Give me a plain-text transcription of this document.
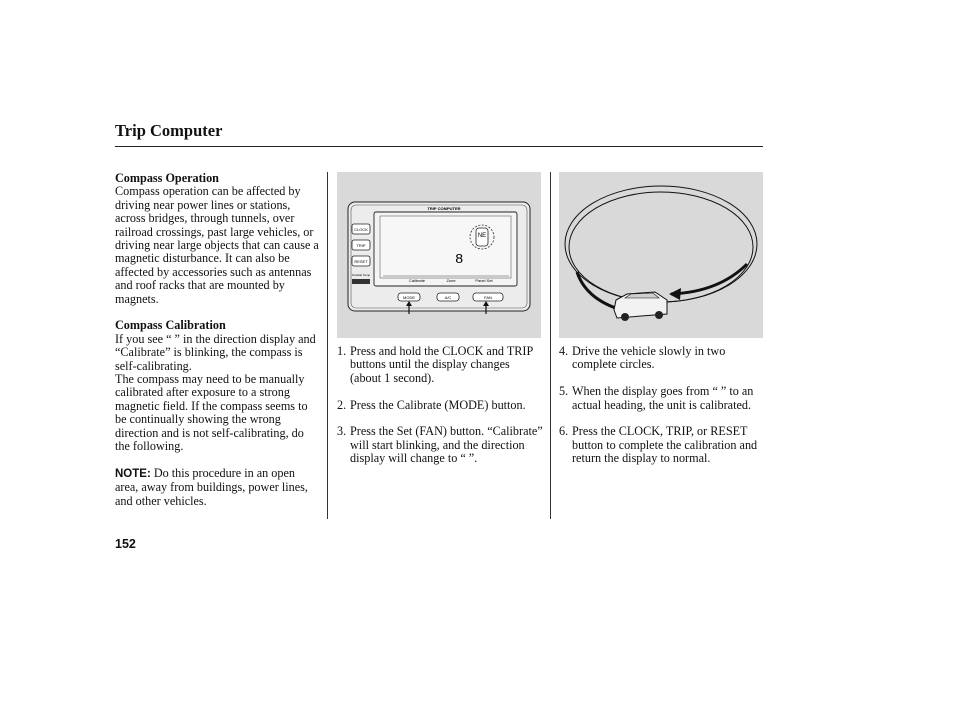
Trip Computer
Compass Operation

Compass operation can be affected by driving near power lines or stations, across bridges, through tunnels, over railroad crossings, past large vehicles, or driving near large objects that can cause a magnetic disturbance. It can also be affected by accessories such as antennas and roof racks that are mounted by magnets.

Compass Calibration

If you see “ ” in the direction display and “Calibrate” is blinking, the compass is self-calibrating.

The compass may need to be manually calibrated after exposure to a strong magnetic field. If the compass seems to be continually showing the wrong direction and is not self-calibrating, do the following.

NOTE: Do this procedure in an open area, away from buildings, power lines, and other vehicles.

TRIP COMPUTER
CLOCK
TRIP
RESET
Outside Temp
NE
8
Calibrate	Zone	Panel Set
MODE	A/C	FAN
1. Press and hold the CLOCK and TRIP buttons until the display changes (about 1 second).
2. Press the Calibrate (MODE) button.
3. Press the Set (FAN) button. “Calibrate” will start blinking, and the direction display will change to “ ”.
4. Drive the vehicle slowly in two complete circles.
5. When the display goes from “ ” to an actual heading, the unit is calibrated.
6. Press the CLOCK, TRIP, or RESET button to complete the calibration and return the display to normal.
152
